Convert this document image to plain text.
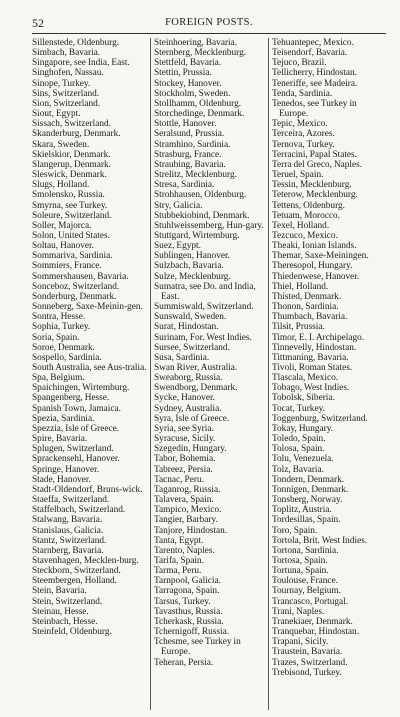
52	FOREIGN POSTS.
Sillenstede, Oldenburg.
Simbach, Bavaria.
Singapore, see India, East.
Singhofen, Nassau.
Sinope, Turkey.
Sins, Switzerland.
Sion, Switzerland.
Siout, Egypt.
Sissach, Switzerland.
Skanderburg, Denmark.
Skara, Sweden.
Skielskior, Denmark.
Slangerup, Denmark.
Sleswick, Denmark.
Slugs, Holland.
Smolensko, Russia.
Smyrna, see Turkey.
Soleure, Switzerland.
Soller, Majorca.
Solon, United States.
Soltau, Hanover.
Sommariva, Sardinia.
Sommiers, France.
Sommershausen, Bavaria.
Sonceboz, Switzerland.
Sonderburg, Denmark.
Sonneberg, Saxe-Meinin-gen.
Sontra, Hesse.
Sophia, Turkey.
Soria, Spain.
Soroe, Denmark.
Sospello, Sardinia.
South Australia, see Aus-tralia.
Spa, Belgium.
Spaichingen, Wirtemburg.
Spangenberg, Hesse.
Spanish Town, Jamaica.
Spezia, Sardinia.
Spezzia, Isle of Greece.
Spire, Bavaria.
Splugen, Switzerland.
Sprackensehl, Hanover.
Springe, Hanover.
Stade, Hanover.
Stadt-Oldendorf, Bruns-wick.
Staeffa, Switzerland.
Staffelbach, Switzerland.
Stalwang, Bavaria.
Stanislaus, Galicia.
Stantz, Switzerland.
Starnberg, Bavaria.
Stavenhagen, Mecklen-burg.
Steckborn, Switzerland.
Steembergen, Holland.
Stein, Bavaria.
Stein, Switzerland.
Steinau, Hesse.
Steinbach, Hesse.
Steinfeld, Oldenburg.
Steinhoering, Bavaria.
Sternberg, Mecklenburg.
Stettfeld, Bavaria.
Stettin, Prussia.
Stockey, Hanover.
Stockholm, Sweden.
Stollhamm, Oldenburg.
Storchedinge, Denmark.
Stottle, Hanover.
Seralsund, Prussia.
Stramhino, Sardinia.
Strasburg, France.
Straubing, Bavaria.
Strelitz, Mecklenburg.
Stresa, Sardinia.
Strohhausen, Oldenburg.
Stry, Galicia.
Stubbekiobind, Denmark.
Stuhlweissemberg, Hun-gary.
Stuttgard, Wirtemburg.
Suez, Egypt.
Sublingen, Hanover.
Sulzbach, Bavaria.
Sulze, Mecklenburg.
Sumatra, see Do. and India, East.
Summiswald, Switzerland.
Sunswald, Sweden.
Surat, Hindostan.
Surinam, For. West Indies.
Sursee, Switzerland.
Susa, Sardinia.
Swan River, Australia.
Sweaborg, Russia.
Swendborg, Denmark.
Sycke, Hanover.
Sydney, Australia.
Syra, Isle of Greece.
Syria, see Syria.
Syracuse, Sicily.
Szegedin, Hungary.
Tabor, Bohemia.
Tabreez, Persia.
Tacnac, Peru.
Taganrog, Russia.
Talavera, Spain.
Tampico, Mexico.
Tangier, Barbary.
Tanjore, Hindostan.
Tanta, Egypt.
Tarento, Naples.
Tarifa, Spain.
Tarma, Peru.
Tarnpool, Galicia.
Tarragona, Spain.
Tarsus, Turkey.
Tavasthus, Russia.
Tcherkask, Russia.
Tchernigoff, Russia.
Tchesme, see Turkey in Europe.
Teheran, Persia.
Tehuantepec, Mexico.
Teisendorf, Bavaria.
Tejuco, Brazil.
Tellicherry, Hindostan.
Teneriffe, see Madeira.
Tenda, Sardinia.
Tenedos, see Turkey in Europe.
Tepic, Mexico.
Terceira, Azores.
Ternova, Turkey.
Terracini, Papal States.
Terra del Greco, Naples.
Teruel, Spain.
Tessin, Mecklenburg.
Teterow, Mecklenburg.
Tettens, Oldenburg.
Tetuam, Morocco.
Texel, Holland.
Tezcuco, Mexico.
Theaki, Ionian Islands.
Themar, Saxe-Meiningen.
Theresopol, Hungary.
Thiedenwese, Hanover.
Thiel, Holland.
Thisted, Denmark.
Thonon, Sardinia.
Thumbach, Bavaria.
Tilsit, Prussia.
Timor, E. I. Archipelago.
Tinnevelly, Hindostan.
Tittmaning, Bavaria.
Tivoli, Roman States.
Tlascala, Mexico.
Tobago, West Indies.
Tobolsk, Siberia.
Tocat, Turkey.
Toggenburg, Switzerland.
Tokay, Hungary.
Toledo, Spain.
Tolosa, Spain.
Tolu, Venezuela.
Tolz, Bavaria.
Tondern, Denmark.
Tonnigen, Denmark.
Tonsberg, Norway.
Toplitz, Austria.
Tordesillas, Spain.
Toro, Spain.
Tortola, Brit. West Indies.
Tortona, Sardinia.
Tortosa, Spain.
Tortuna, Spain.
Toulouse, France.
Tournay, Belgium.
Trancasco, Portugal.
Trani, Naples.
Tranekiaer, Denmark.
Tranquebar, Hindostan.
Trapani, Sicily.
Traustein, Bavaria.
Trazes, Switzerland.
Trebisond, Turkey.
